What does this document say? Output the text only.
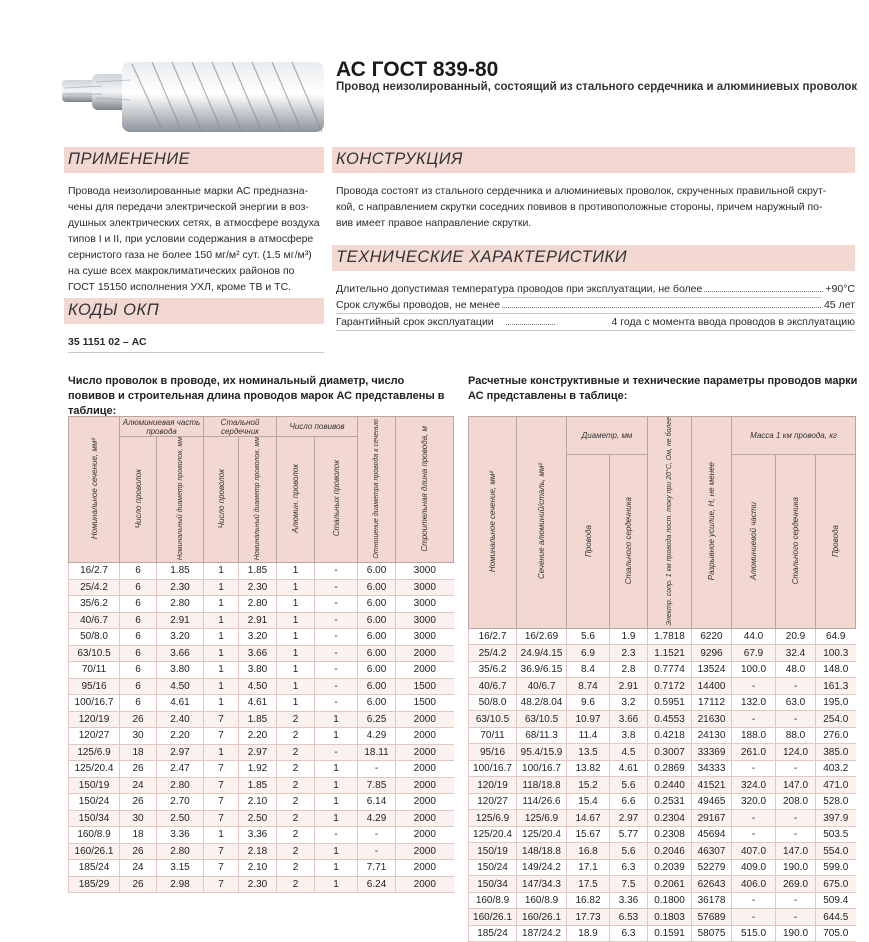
АС ГОСТ 839-80
Провод неизолированный, состоящий из стального сердечника и алюминиевых проволок
ПРИМЕНЕНИЕ
Провода неизолированные марки АС предназна-
чены для передачи электрической энергии в воз-
душных электрических сетях, в атмосфере воздуха
типов I и II, при условии содержания в атмосфере
сернистого газа не более 150 мг/м² сут. (1.5 мг/м³)
на суше всех макроклиматических районов по
ГОСТ 15150 исполнения УХЛ, кроме ТВ и ТС.
КОДЫ ОКП
35 1151 02 – АС
КОНСТРУКЦИЯ
Провода состоят из стального сердечника и алюминиевых проволок, скрученных правильной скрут-
кой, с направлением скрутки соседних повивов в противоположные стороны, причем наружный по-
вив имеет правое направление скрутки.
ТЕХНИЧЕСКИЕ ХАРАКТЕРИСТИКИ
Длительно допустимая температура проводов при эксплуатации, не более	+90°С
Срок службы проводов, не менее	45 лет
Гарантийный срок эксплуатации	4 года с момента ввода проводов в эксплуатацию
Число проволок в проводе, их номинальный диаметр, число повивов и строительная длина проводов марок АС представлены в таблице:
Номинальное сечение, мм²	Алюминиевая часть провода		Стальной сердечник		Число повивов		Отношение диаметра провода к сечению	Строительная длина провода, м
	Число проволок	Номинальный диаметр проволок, мм	Число проволок	Номинальный диаметр проволок, мм	Алюмин. проволок	Стальных проволок		
16/2.7	6	1.85	1	1.85	1	-	6.00	3000
25/4.2	6	2.30	1	2.30	1	-	6.00	3000
35/6.2	6	2.80	1	2.80	1	-	6.00	3000
40/6.7	6	2.91	1	2.91	1	-	6.00	3000
50/8.0	6	3.20	1	3.20	1	-	6.00	3000
63/10.5	6	3.66	1	3.66	1	-	6.00	2000
70/11	6	3.80	1	3.80	1	-	6.00	2000
95/16	6	4.50	1	4.50	1	-	6.00	1500
100/16.7	6	4.61	1	4.61	1	-	6.00	1500
120/19	26	2.40	7	1.85	2	1	6.25	2000
120/27	30	2.20	7	2.20	2	1	4.29	2000
125/6.9	18	2.97	1	2.97	2	-	18.11	2000
125/20.4	26	2.47	7	1.92	2	1	-	2000
150/19	24	2.80	7	1.85	2	1	7.85	2000
150/24	26	2.70	7	2.10	2	1	6.14	2000
150/34	30	2.50	7	2.50	2	1	4.29	2000
160/8.9	18	3.36	1	3.36	2	-	-	2000
160/26.1	26	2.80	7	2.18	2	1	-	2000
185/24	24	3.15	7	2.10	2	1	7.71	2000
185/29	26	2.98	7	2.30	2	1	6.24	2000
Расчетные конструктивные и технические параметры проводов марки АС представлены в таблице:
Номинальное сечение, мм²	Сечение алюминий/сталь, мм²	Диаметр, мм		Электр. сопр. 1 км провода пост. току при 20°С, Ом, не более	Разрывное усилие, Н, не менее	Масса 1 км провода, кг		
		Провода	Стального сердечника			Алюминиевой части	Стального сердечника	Провода
16/2.7	16/2.69	5.6	1.9	1.7818	6220	44.0	20.9	64.9
25/4.2	24.9/4.15	6.9	2.3	1.1521	9296	67.9	32.4	100.3
35/6.2	36.9/6.15	8.4	2.8	0.7774	13524	100.0	48.0	148.0
40/6.7	40/6.7	8.74	2.91	0.7172	14400	-	-	161.3
50/8.0	48.2/8.04	9.6	3.2	0.5951	17112	132.0	63.0	195.0
63/10.5	63/10.5	10.97	3.66	0.4553	21630	-	-	254.0
70/11	68/11.3	11.4	3.8	0.4218	24130	188.0	88.0	276.0
95/16	95.4/15.9	13.5	4.5	0.3007	33369	261.0	124.0	385.0
100/16.7	100/16.7	13.82	4.61	0.2869	34333	-	-	403.2
120/19	118/18.8	15.2	5.6	0.2440	41521	324.0	147.0	471.0
120/27	114/26.6	15.4	6.6	0.2531	49465	320.0	208.0	528.0
125/6.9	125/6.9	14.67	2.97	0.2304	29167	-	-	397.9
125/20.4	125/20.4	15.67	5.77	0.2308	45694	-	-	503.5
150/19	148/18.8	16.8	5.6	0.2046	46307	407.0	147.0	554.0
150/24	149/24.2	17.1	6.3	0.2039	52279	409.0	190.0	599.0
150/34	147/34.3	17.5	7.5	0.2061	62643	406.0	269.0	675.0
160/8.9	160/8.9	16.82	3.36	0.1800	36178	-	-	509.4
160/26.1	160/26.1	17.73	6.53	0.1803	57689	-	-	644.5
185/24	187/24.2	18.9	6.3	0.1591	58075	515.0	190.0	705.0
